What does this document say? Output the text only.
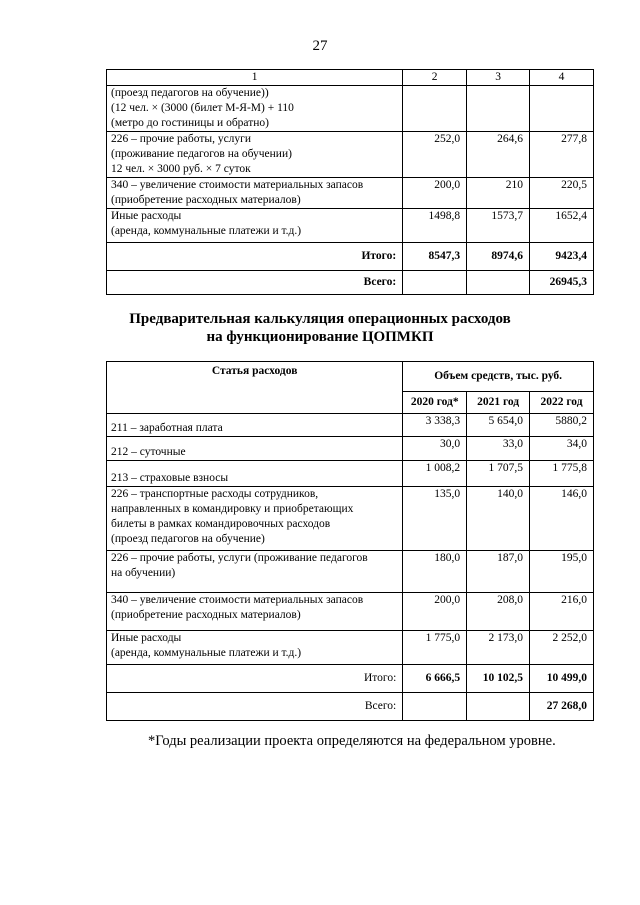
27
1	2	3	4

(проезд педагогов на обучение))
(12 чел. × (3000 (билет М-Я-М) + 110
(метро до гостиницы и обратно)			

226 – прочие работы, услуги
(проживание педагогов на обучении)
12 чел. × 3000 руб. × 7 суток	252,0	264,6	277,8

340 – увеличение стоимости материальных запасов
(приобретение расходных материалов)	200,0	210	220,5

Иные расходы
(аренда, коммунальные платежи и т.д.)	1498,8	1573,7	1652,4
Итого:	8547,3	8974,6	9423,4
Всего:			26945,3
Предварительная калькуляция операционных расходов
на функционирование ЦОПМКП
Статья расходов	Объем средств, тыс. руб.		
	2020 год*	2021 год	2022 год

211 – заработная плата	3 338,3	5 654,0	5880,2

212 – суточные	30,0	33,0	34,0

213 – страховые взносы	1 008,2	1 707,5	1 775,8

226 – транспортные расходы сотрудников,
направленных в командировку и приобретающих
билеты в рамках командировочных расходов
(проезд педагогов на обучение)	135,0	140,0	146,0

226 – прочие работы, услуги (проживание педагогов
на обучении)	180,0	187,0	195,0

340 – увеличение стоимости материальных запасов
(приобретение расходных материалов)	200,0	208,0	216,0

Иные расходы
(аренда, коммунальные платежи и т.д.)	1 775,0	2 173,0	2 252,0
Итого:	6 666,5	10 102,5	10 499,0
Всего:			27 268,0
*Годы реализации проекта определяются на федеральном уровне.
